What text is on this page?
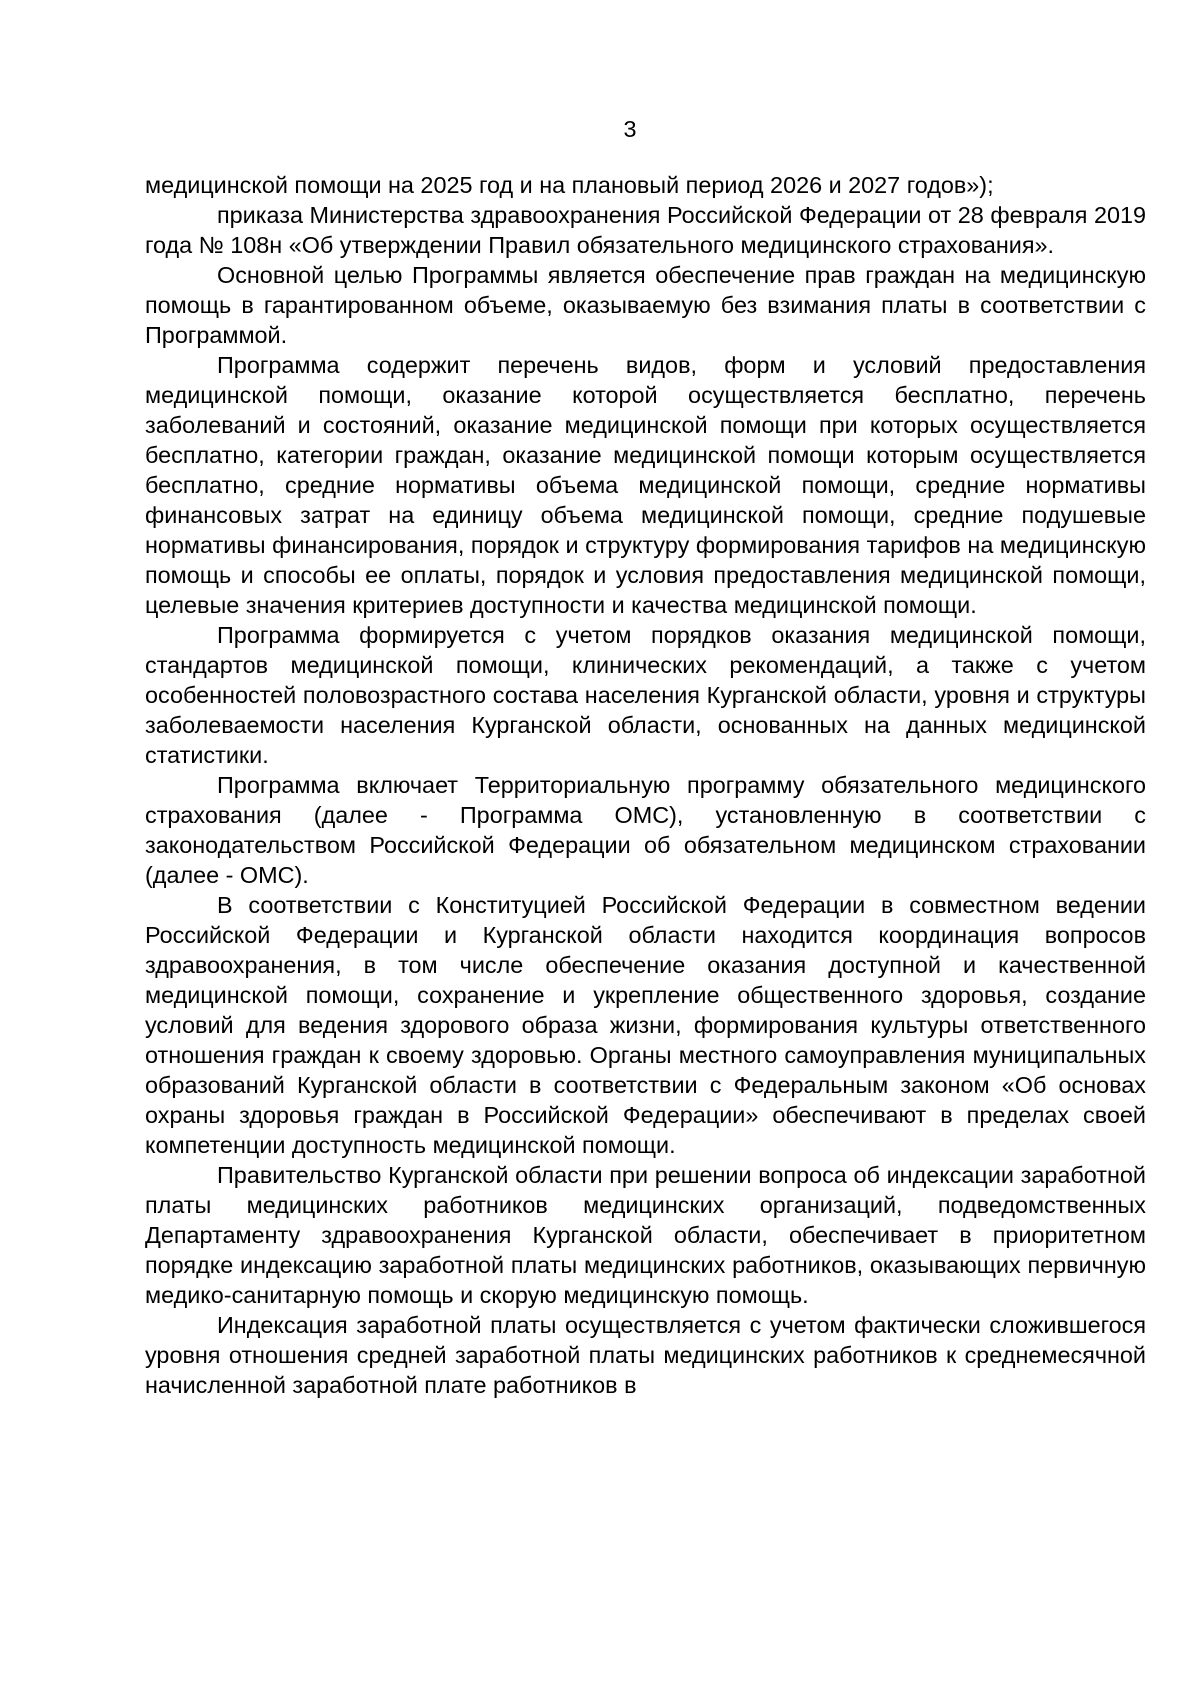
3

медицинской помощи на 2025 год и на плановый период 2026 и 2027 годов»);

приказа Министерства здравоохранения Российской Федерации от 28 февраля 2019 года № 108н «Об утверждении Правил обязательного медицинского страхования».

Основной целью Программы является обеспечение прав граждан на медицинскую помощь в гарантированном объеме, оказываемую без взимания платы в соответствии с Программой.

Программа содержит перечень видов, форм и условий предоставления медицинской помощи, оказание которой осуществляется бесплатно, перечень заболеваний и состояний, оказание медицинской помощи при которых осуществляется бесплатно, категории граждан, оказание медицинской помощи которым осуществляется бесплатно, средние нормативы объема медицинской помощи, средние нормативы финансовых затрат на единицу объема медицинской помощи, средние подушевые нормативы финансирования, порядок и структуру формирования тарифов на медицинскую помощь и способы ее оплаты, порядок и условия предоставления медицинской помощи, целевые значения критериев доступности и качества медицинской помощи.

Программа формируется с учетом порядков оказания медицинской помощи, стандартов медицинской помощи, клинических рекомендаций, а также с учетом особенностей половозрастного состава населения Курганской области, уровня и структуры заболеваемости населения Курганской области, основанных на данных медицинской статистики.

Программа включает Территориальную программу обязательного медицинского страхования (далее - Программа ОМС), установленную в соответствии с законодательством Российской Федерации об обязательном медицинском страховании (далее - ОМС).

В соответствии с Конституцией Российской Федерации в совместном ведении Российской Федерации и Курганской области находится координация вопросов здравоохранения, в том числе обеспечение оказания доступной и качественной медицинской помощи, сохранение и укрепление общественного здоровья, создание условий для ведения здорового образа жизни, формирования культуры ответственного отношения граждан к своему здоровью. Органы местного самоуправления муниципальных образований Курганской области в соответствии с Федеральным законом «Об основах охраны здоровья граждан в Российской Федерации» обеспечивают в пределах своей компетенции доступность медицинской помощи.

Правительство Курганской области при решении вопроса об индексации заработной платы медицинских работников медицинских организаций, подведомственных Департаменту здравоохранения Курганской области, обеспечивает в приоритетном порядке индексацию заработной платы медицинских работников, оказывающих первичную медико-санитарную помощь и скорую медицинскую помощь.

Индексация заработной платы осуществляется с учетом фактически сложившегося уровня отношения средней заработной платы медицинских работников к среднемесячной начисленной заработной плате работников в
